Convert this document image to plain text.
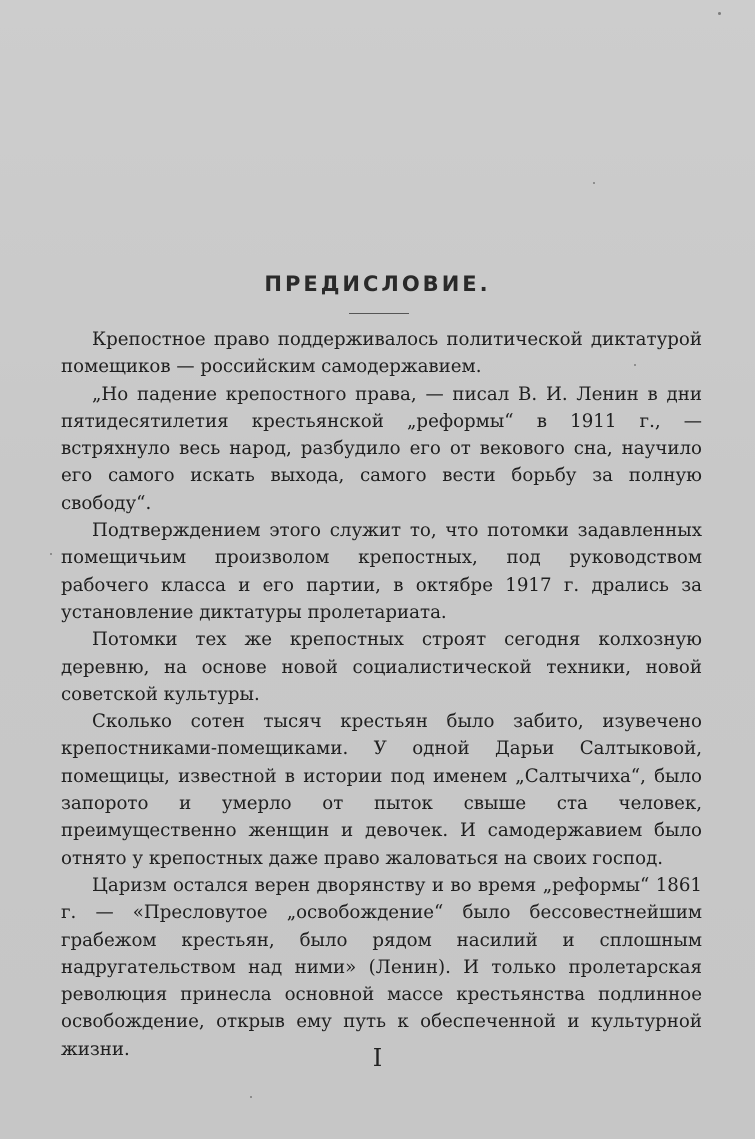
ПРЕДИСЛОВИЕ.

Крепостное право поддерживалось политической диктатурой помещиков — российским самодержавием.

„Но падение крепостного права, — писал В. И. Ленин в дни пятидесятилетия крестьянской „реформы“ в 1911 г., — встряхнуло весь народ, разбудило его от векового сна, научило его самого искать выхода, самого вести борьбу за полную свободу“.

Подтверждением этого служит то, что потомки задавленных помещичьим произволом крепостных, под руководством рабочего класса и его партии, в октябре 1917 г. дрались за установление диктатуры пролетариата.

Потомки тех же крепостных строят сегодня колхозную деревню, на основе новой социалистической техники, новой советской культуры.

Сколько сотен тысяч крестьян было забито, изувечено крепостниками-помещиками. У одной Дарьи Салтыковой, помещицы, известной в истории под именем „Салтычиха“, было запорото и умерло от пыток свыше ста человек, преимущественно женщин и девочек. И самодержавием было отнято у крепостных даже право жаловаться на своих господ.

Царизм остался верен дворянству и во время „реформы“ 1861 г. — «Пресловутое „освобождение“ было бессовестнейшим грабежом крестьян, было рядом насилий и сплошным надругательством над ними» (Ленин). И только пролетарская революция принесла основной массе крестьянства подлинное освобождение, открыв ему путь к обеспеченной и культурной жизни.	I
